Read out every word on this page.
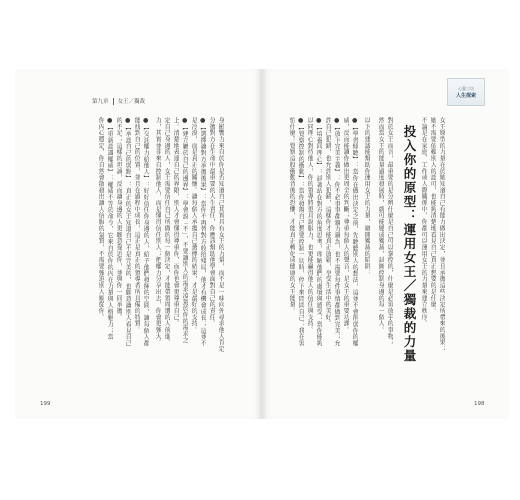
第九章 女王／獨裁
心靈工坊
人生探索
投入你的原型：運用女王／獨裁的力量	女王原型的力量在於她知道自己有能力做出決定，並且承擔這些決定所帶來的後果；
她不需要依賴別人的認可，也能夠清楚地看見自己真正想要的是什麼。
不論是在家庭、工作或人際關係中，你都可以運用女王的力量來建立秩序。
對於女王而言，最重要的是分辨什麼是自己可以掌控的，什麼是必須放手的事物；
然而當女王的能量過度發展時，就可能變成獨裁，試圖控制身邊的每一個人。
以下的建議能幫助你運用女王的力量，避開獨裁的陷阱：
●【學習傾聽】：當你在做出決定之前，先聽聽別人的想法，這並不會削弱你的權
威，反而能讓你做出更周全的判斷；尊重每個人的聲音，是女王的重要功課。
●【放下完美主義】：你不必事事都親力親為，也不需要每件事情都做到完美；允
許自己犯錯，也允許別人犯錯，這樣你才能真正放鬆，享受生活中的美好。
●【培養同理心】：試著站在對方的角度思考，理解他們的處境與感受；當你能夠
以同理心對待他人，你的領導將更具說服力，也更能贏得他人的信任與支持。
●【覺察控制的衝動】：當你發現自己想要控制一切時，停下來問問自己：我在害
怕什麼？覺察這股衝動背後的恐懼，才能真正轉化成健康的女王能量。
身影響力來自於你是否知道自己其實具有女王的力量，而不是一味向外尋求他人肯定
分擔對方在生命中最重要的人生責任，你應該幫助他學會面對自己的責任。
●【選擇讓對方承擔後果】：當你不再替對方收拾殘局，他才有機會成長；這並不
是冷漠，而是真正的關懷。讓每個人承擔自己選擇的結果，才是最好的支持。
●【建立屬於自己的邊界】：學會說「不」，不要讓別人的需求凌駕於你的需求之
上。清楚地表達自己的界限，別人才會懂得尊重你，而你也會更尊重自己。
定自己身邊的人，女王需要信任自己所做的每一個決定，才能帶領周遭的人前進。
力，其實並非來自控制他人，而是懂得信任別人；把權力分享出去，你會更強大。
●【交託權力給他人】：好好信任你身邊的人，給予他們發揮的空間，讓每個人都
能找到自己的位置，並且在過程中成長，這正是真正的領導者所具備的特質。
●【承認自己的弱點】：真正的女王知道自己不是完美的，也願意讓別人看見自己
的不足；這樣的坦誠，反而讓身邊的人更願意靠近你，並與你一同承擔。
●【重新認識權威】：權威不等於命令，它來自於你的內在力量與人格魅力；當
你內心穩定，你自然會散發出讓人信服的氣質，不需要強迫別人順從你。
199	198
